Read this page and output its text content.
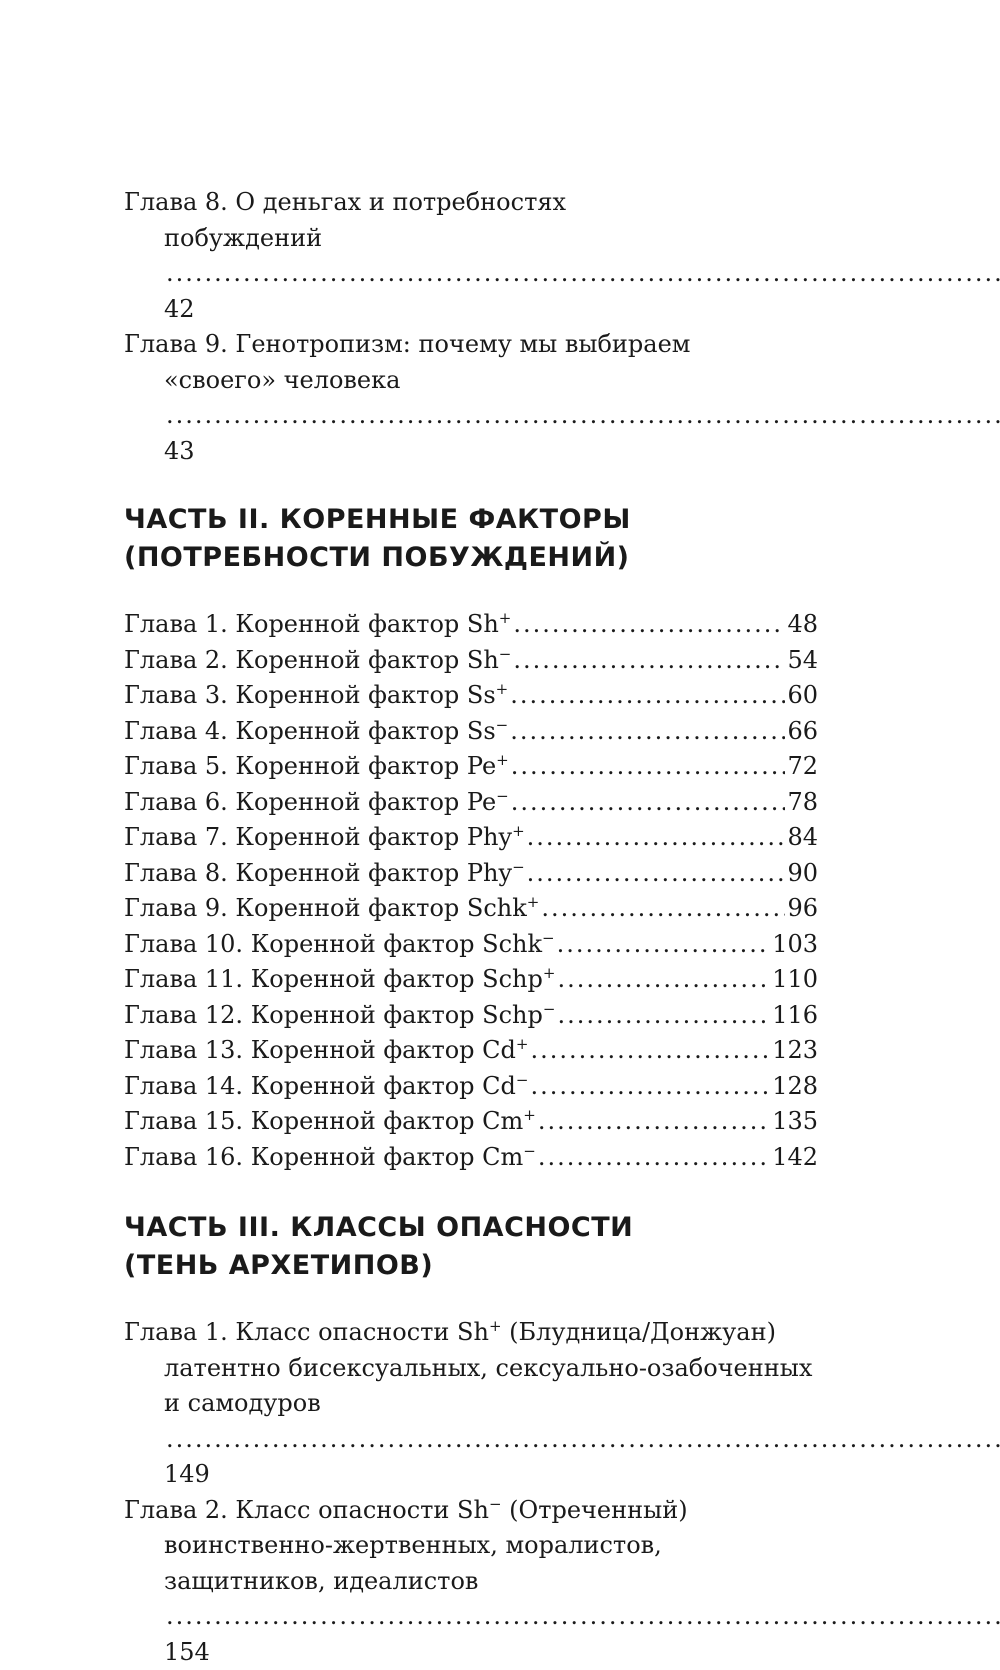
Глава 8. О деньгах и потребностях
побуждений ..... 42
Глава 9. Генотропизм: почему мы выбираем
«своего» человека ..... 43
ЧАСТЬ II. КОРЕННЫЕ ФАКТОРЫ
(ПОТРЕБНОСТИ ПОБУЖДЕНИЙ)
Глава 1. Коренной фактор Sh+ .....	48
Глава 2. Коренной фактор Sh− .....	54
Глава 3. Коренной фактор Ss+ .....	60
Глава 4. Коренной фактор Ss− .....	66
Глава 5. Коренной фактор Pe+ .....	72
Глава 6. Коренной фактор Pe− .....	78
Глава 7. Коренной фактор Phy+ .....	84
Глава 8. Коренной фактор Phy− .....	90
Глава 9. Коренной фактор Schk+ .....	96
Глава 10. Коренной фактор Schk− .....	103
Глава 11. Коренной фактор Schp+ .....	110
Глава 12. Коренной фактор Schp− .....	116
Глава 13. Коренной фактор Cd+ .....	123
Глава 14. Коренной фактор Cd− .....	128
Глава 15. Коренной фактор Cm+ .....	135
Глава 16. Коренной фактор Cm− .....	142
ЧАСТЬ III. КЛАССЫ ОПАСНОСТИ
(ТЕНЬ АРХЕТИПОВ)
Глава 1. Класс опасности Sh+ (Блудница/Донжуан)
латентно бисексуальных, сексуально-озабоченных
и самодуров ..... 149
Глава 2. Класс опасности Sh− (Отреченный)
воинственно-жертвенных, моралистов,
защитников, идеалистов ..... 154
